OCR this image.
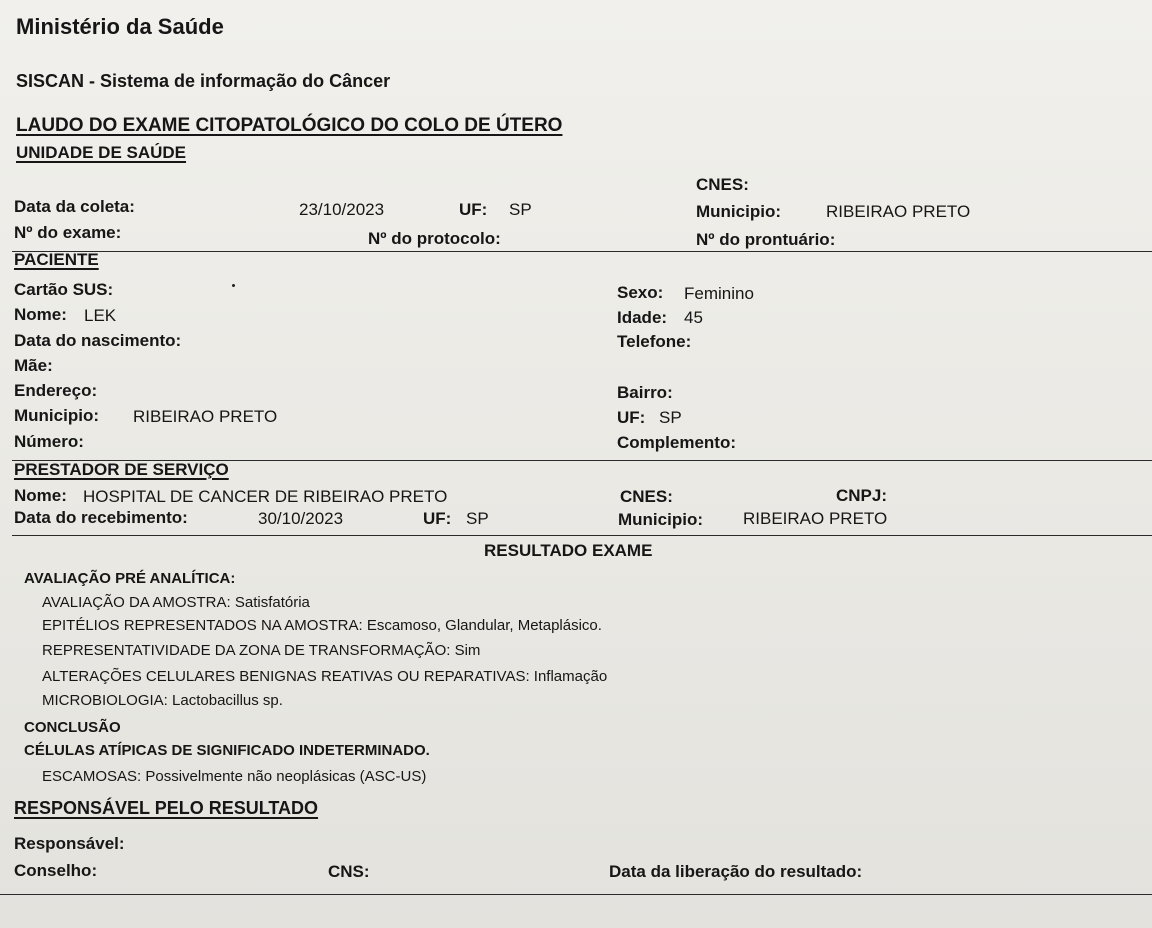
Ministério da Saúde
SISCAN - Sistema de informação do Câncer
LAUDO DO EXAME CITOPATOLÓGICO DO COLO DE ÚTERO
UNIDADE DE SAÚDE
CNES:
Data da coleta:	23/10/2023	UF: SP	Municipio:	RIBEIRAO PRETO
Nº do exame:	Nº do protocolo:	Nº do prontuário:
PACIENTE
Cartão SUS:	Sexo: Feminino
Nome: LEK	Idade: 45
Data do nascimento:	Telefone:
Mãe:
Endereço:	Bairro:
Municipio: RIBEIRAO PRETO	UF: SP
Número:	Complemento:
PRESTADOR DE SERVIÇO
Nome: HOSPITAL DE CANCER DE RIBEIRAO PRETO	CNES:	CNPJ:
Data do recebimento:	30/10/2023	UF: SP	Municipio: RIBEIRAO PRETO
RESULTADO EXAME
AVALIAÇÃO PRÉ ANALÍTICA:
AVALIAÇÃO DA AMOSTRA: Satisfatória
EPITÉLIOS REPRESENTADOS NA AMOSTRA: Escamoso, Glandular, Metaplásico.
REPRESENTATIVIDADE DA ZONA DE TRANSFORMAÇÃO: Sim
ALTERAÇÕES CELULARES BENIGNAS REATIVAS OU REPARATIVAS: Inflamação
MICROBIOLOGIA: Lactobacillus sp.
CONCLUSÃO
CÉLULAS ATÍPICAS DE SIGNIFICADO INDETERMINADO.
ESCAMOSAS: Possivelmente não neoplásicas (ASC-US)
RESPONSÁVEL PELO RESULTADO
Responsável:
Conselho:	CNS:	Data da liberação do resultado:
